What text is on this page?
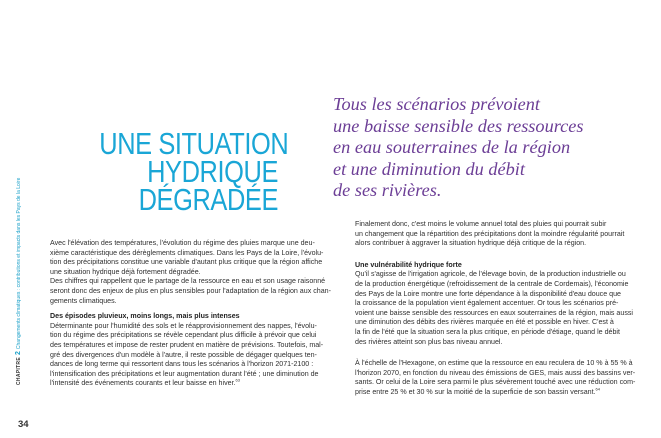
CHAPITRE2Changements climatiques : contributions et impacts dans les Pays de la Loire
34
UNE SITUATION
HYDRIQUE
DÉGRADÉE
Tous les scénarios prévoient
une baisse sensible des ressources
en eau souterraines de la région
et une diminution du débit
de ses rivières.

Avec l'élévation des températures, l'évolution du régime des pluies marque une deu-

xième caractéristique des dérèglements climatiques. Dans les Pays de la Loire, l'évolu-

tion des précipitations constitue une variable d'autant plus critique que la région affiche

une situation hydrique déjà fortement dégradée.

Des chiffres qui rappellent que le partage de la ressource en eau et son usage raisonné

seront donc des enjeux de plus en plus sensibles pour l'adaptation de la région aux chan-

gements climatiques.

Des épisodes pluvieux, moins longs, mais plus intenses

Déterminante pour l'humidité des sols et le réapprovisionnement des nappes, l'évolu-

tion du régime des précipitations se révèle cependant plus difficile à prévoir que celui

des températures et impose de rester prudent en matière de prévisions. Toutefois, mal-

gré des divergences d'un modèle à l'autre, il reste possible de dégager quelques ten-

dances de long terme qui ressortent dans tous les scénarios à l'horizon 2071-2100 :

l'intensification des précipitations et leur augmentation durant l'été ; une diminution de

l'intensité des événements courants et leur baisse en hiver.$^{63}$

Finalement donc, c'est moins le volume annuel total des pluies qui pourrait subir

un changement que la répartition des précipitations dont la moindre régularité pourrait

alors contribuer à aggraver la situation hydrique déjà critique de la région.

Une vulnérabilité hydrique forte

Qu'il s'agisse de l'irrigation agricole, de l'élevage bovin, de la production industrielle ou

de la production énergétique (refroidissement de la centrale de Cordemais), l'économie

des Pays de la Loire montre une forte dépendance à la disponibilité d'eau douce que

la croissance de la population vient également accentuer. Or tous les scénarios pré-

voient une baisse sensible des ressources en eaux souterraines de la région, mais aussi

une diminution des débits des rivières marquée en été et possible en hiver. C'est à

la fin de l'été que la situation sera la plus critique, en période d'étiage, quand le débit

des rivières atteint son plus bas niveau annuel.

À l'échelle de l'Hexagone, on estime que la ressource en eau reculera de 10 % à 55 % à

l'horizon 2070, en fonction du niveau des émissions de GES, mais aussi des bassins ver-

sants. Or celui de la Loire sera parmi le plus sévèrement touché avec une réduction com-

prise entre 25 % et 30 % sur la moitié de la superficie de son bassin versant.$^{64}$
